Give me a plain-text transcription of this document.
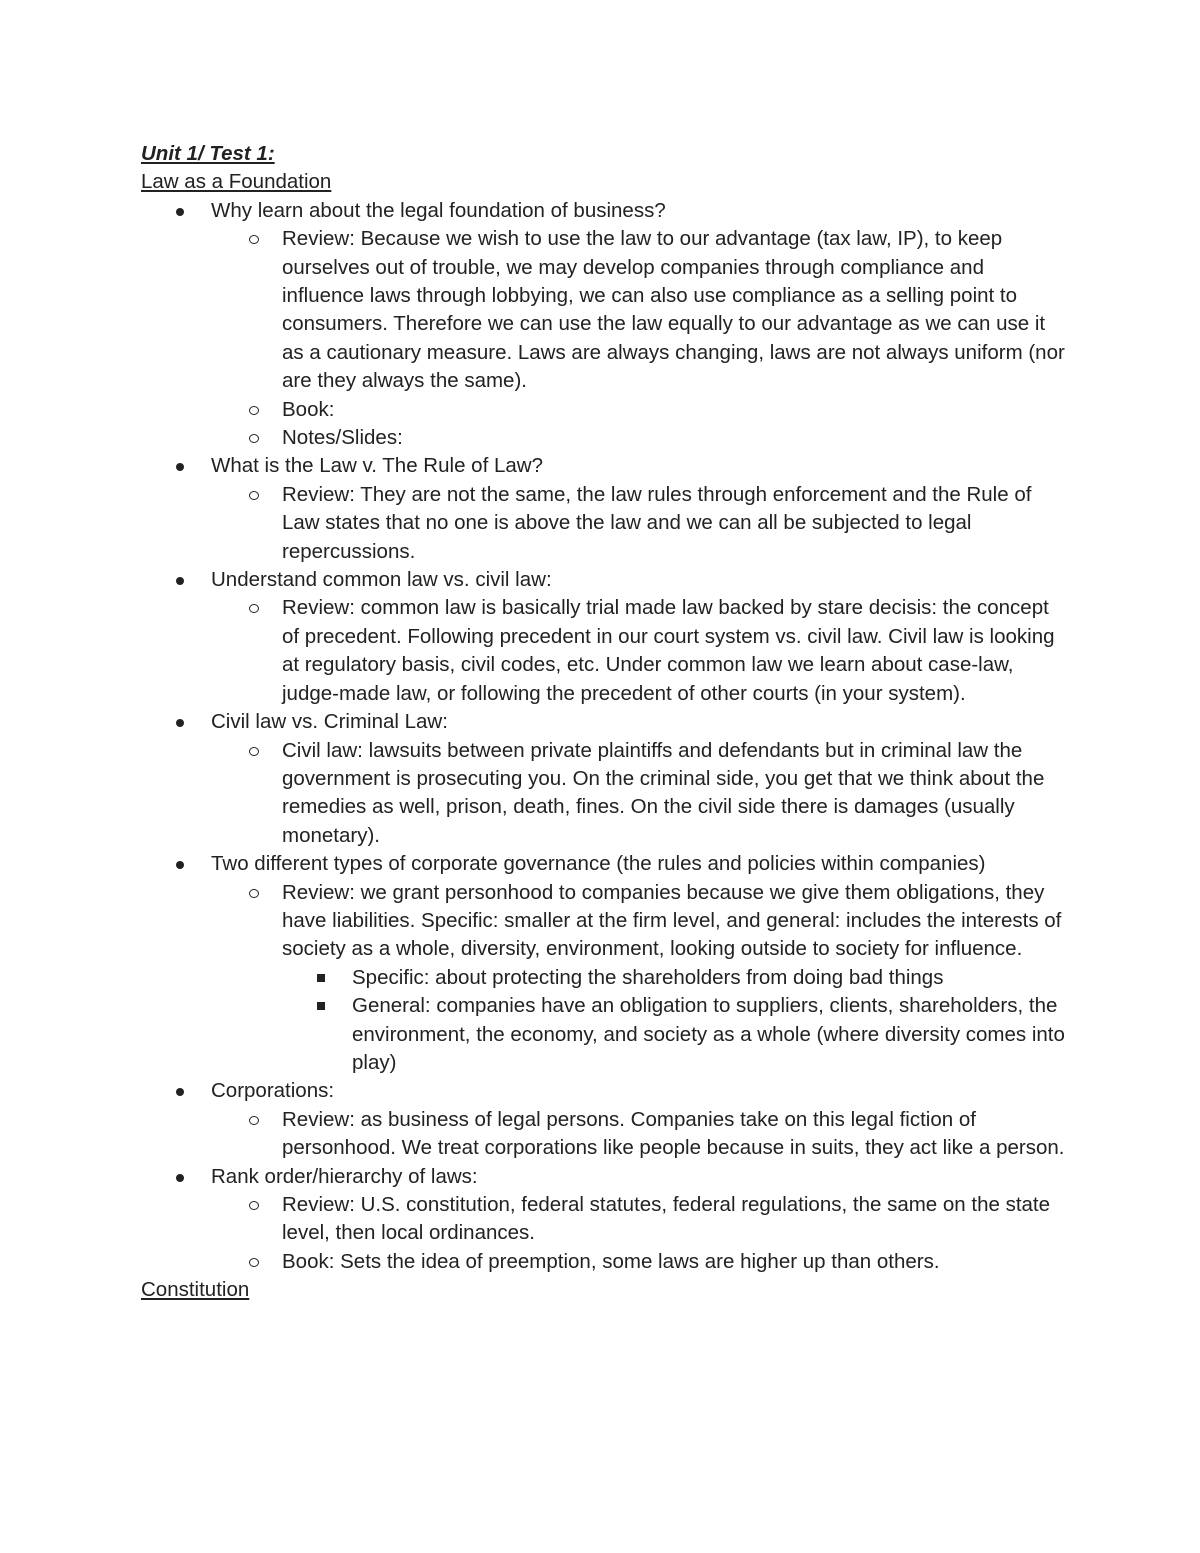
Unit 1/ Test 1:

Law as a Foundation

Why learn about the legal foundation of business?
Review: Because we wish to use the law to our advantage (tax law, IP), to keep ourselves out of trouble, we may develop companies through compliance and influence laws through lobbying, we can also use compliance as a selling point to consumers. Therefore we can use the law equally to our advantage as we can use it as a cautionary measure. Laws are always changing, laws are not always uniform (nor are they always the same).
Book:
Notes/Slides:
What is the Law v. The Rule of Law?
Review: They are not the same, the law rules through enforcement and the Rule of Law states that no one is above the law and we can all be subjected to legal repercussions.
Understand common law vs. civil law:
Review: common law is basically trial made law backed by stare decisis: the concept of precedent. Following precedent in our court system vs. civil law. Civil law is looking at regulatory basis, civil codes, etc. Under common law we learn about case-law, judge-made law, or following the precedent of other courts (in your system).
Civil law vs. Criminal Law:
Civil law: lawsuits between private plaintiffs and defendants but in criminal law the government is prosecuting you. On the criminal side, you get that we think about the remedies as well, prison, death, fines. On the civil side there is damages (usually monetary).
Two different types of corporate governance (the rules and policies within companies)
Review: we grant personhood to companies because we give them obligations, they have liabilities. Specific: smaller at the firm level, and general: includes the interests of society as a whole, diversity, environment, looking outside to society for influence.
Specific: about protecting the shareholders from doing bad things
General: companies have an obligation to suppliers, clients, shareholders, the environment, the economy, and society as a whole (where diversity comes into play)
Corporations:
Review: as business of legal persons. Companies take on this legal fiction of personhood. We treat corporations like people because in suits, they act like a person.
Rank order/hierarchy of laws:
Review: U.S. constitution, federal statutes, federal regulations, the same on the state level, then local ordinances.
Book: Sets the idea of preemption, some laws are higher up than others.

Constitution
